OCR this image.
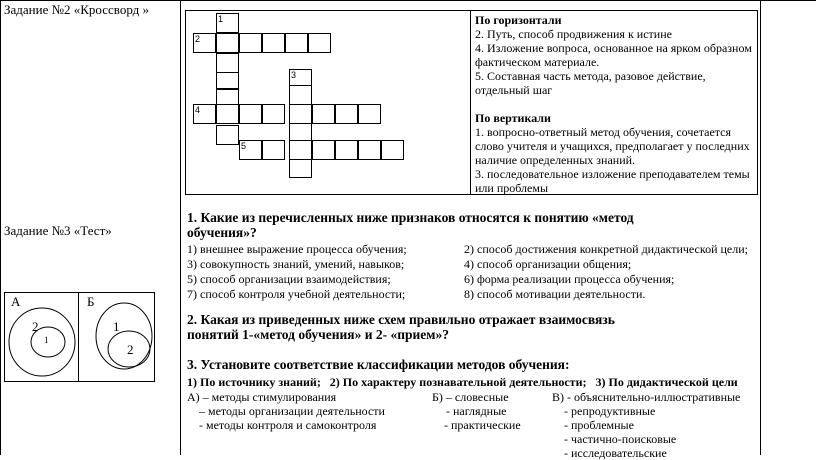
Задание №2 «Кроссворд »
Задание №3 «Тест»
1
2
3
4
5
По горизонтали
2. Путь, способ продвижения к истине
4. Изложение вопроса, основанное на ярком образном фактическом материале.
5. Составная часть метода, разовое действие, отдельный шаг
По вертикали
1. вопросно-ответный метод обучения, сочетается слово учителя и учащихся, предполагает у последних наличие определенных знаний.
3. последовательное изложение преподавателем темы или проблемы
А	Б
2
1
1
2
1. Какие из перечисленных ниже признаков относятся к понятию «метод
обучения»?
1) внешнее выражение процесса обучения;	2) способ достижения конкретной дидактической цели;
3) совокупность знаний, умений, навыков;	4) способ организации общения;
5) способ организации взаимодействия;	6) форма реализации процесса обучения;
7) способ контроля учебной деятельности;	8) способ мотивации деятельности.
2. Какая из приведенных ниже схем правильно отражает взаимосвязь
понятий 1-«метод обучения» и 2- «прием»?
3. Установите соответствие классификации методов обучения:
1) По источнику знаний;   2) По характеру познавательной деятельности;   3) По дидактической цели
А) – методы стимулирования
– методы организации деятельности
- методы контроля и самоконтроля
Б) – словесные
- наглядные
- практические
В) - объяснительно-иллюстративные
- репродуктивные
- проблемные
- частично-поисковые
- исследовательские
